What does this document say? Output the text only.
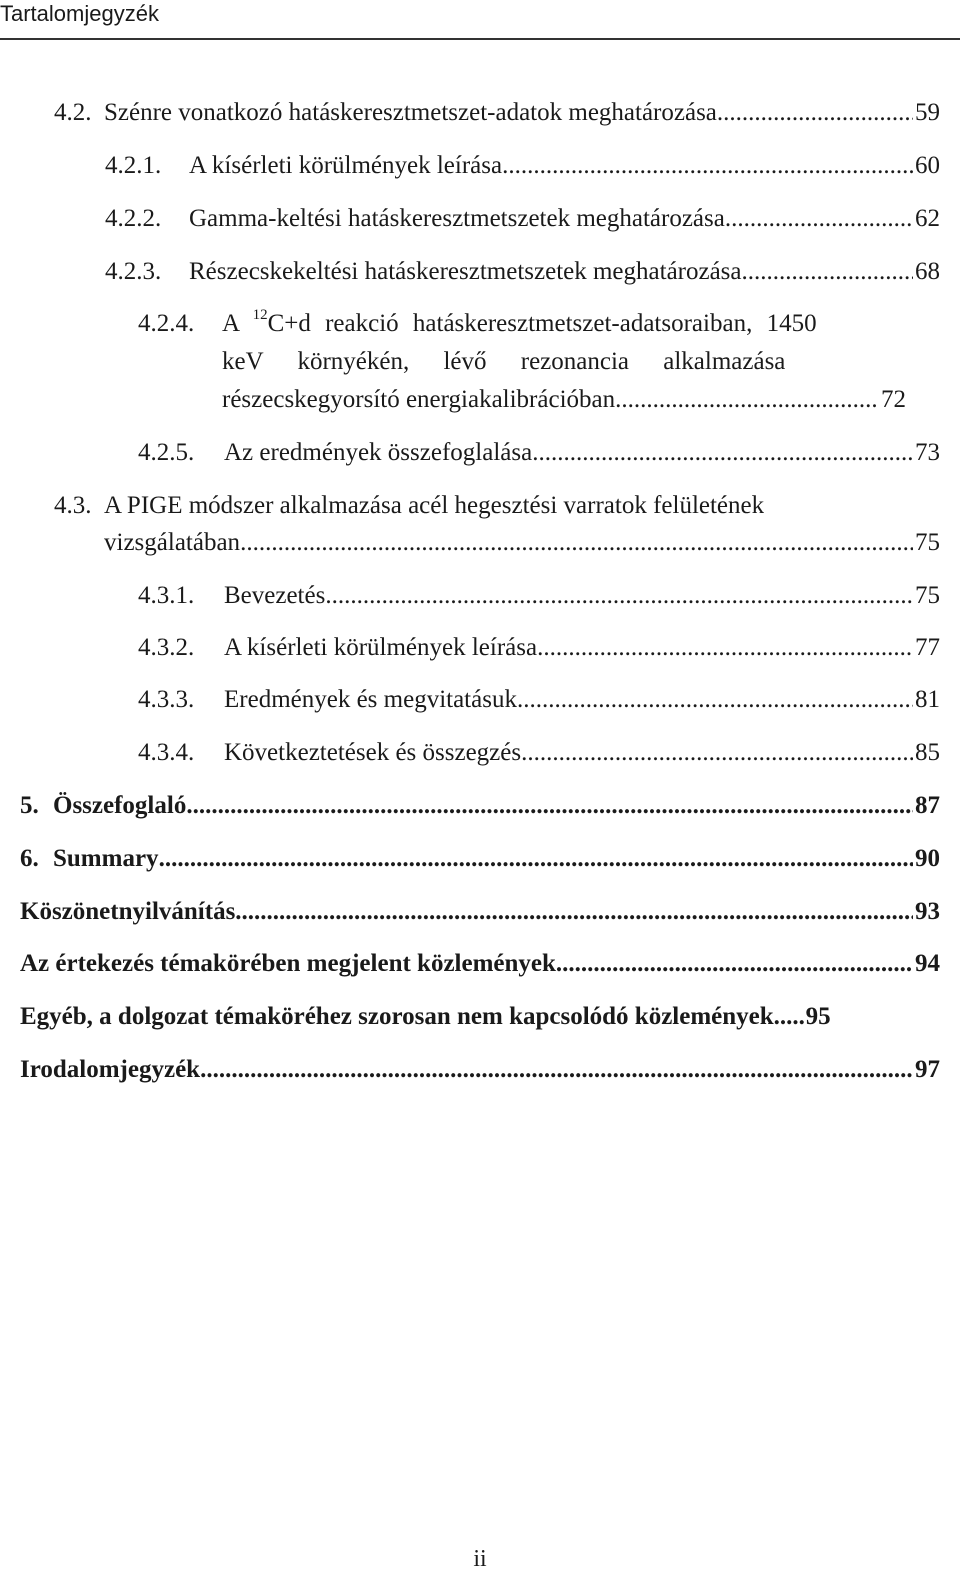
Tartalomjegyzék
4.2. Szénre vonatkozó hatáskeresztmetszet-adatok meghatározása .....	59
4.2.1.	A kísérleti körülmények leírása .....	60
4.2.2.	Gamma-keltési hatáskeresztmetszetek meghatározása .....	62
4.2.3.	Részecskekeltési hatáskeresztmetszetek meghatározása .....	68
4.2.4.	A $^{12}$C+d reakció hatáskeresztmetszet-adatsoraiban, 1450
keV környékén, lévő rezonancia alkalmazása
részecskegyorsító energiakalibrációban .....	72
4.2.5.	Az eredmények összefoglalása .....	73
4.3. A PIGE módszer alkalmazása acél hegesztési varratok felületének
vizsgálatában .....	75
4.3.1.	Bevezetés .....	75
4.3.2.	A kísérleti körülmények leírása .....	77
4.3.3.	Eredmények és megvitatásuk .....	81
4.3.4.	Következtetések és összegzés .....	85
5. Összefoglaló .....	87
6. Summary .....	90
Köszönetnyilvánítás .....	93
Az értekezés témakörében megjelent közlemények .....	94
Egyéb, a dolgozat témaköréhez szorosan nem kapcsolódó közlemények ..... 95
Irodalomjegyzék .....	97
ii
